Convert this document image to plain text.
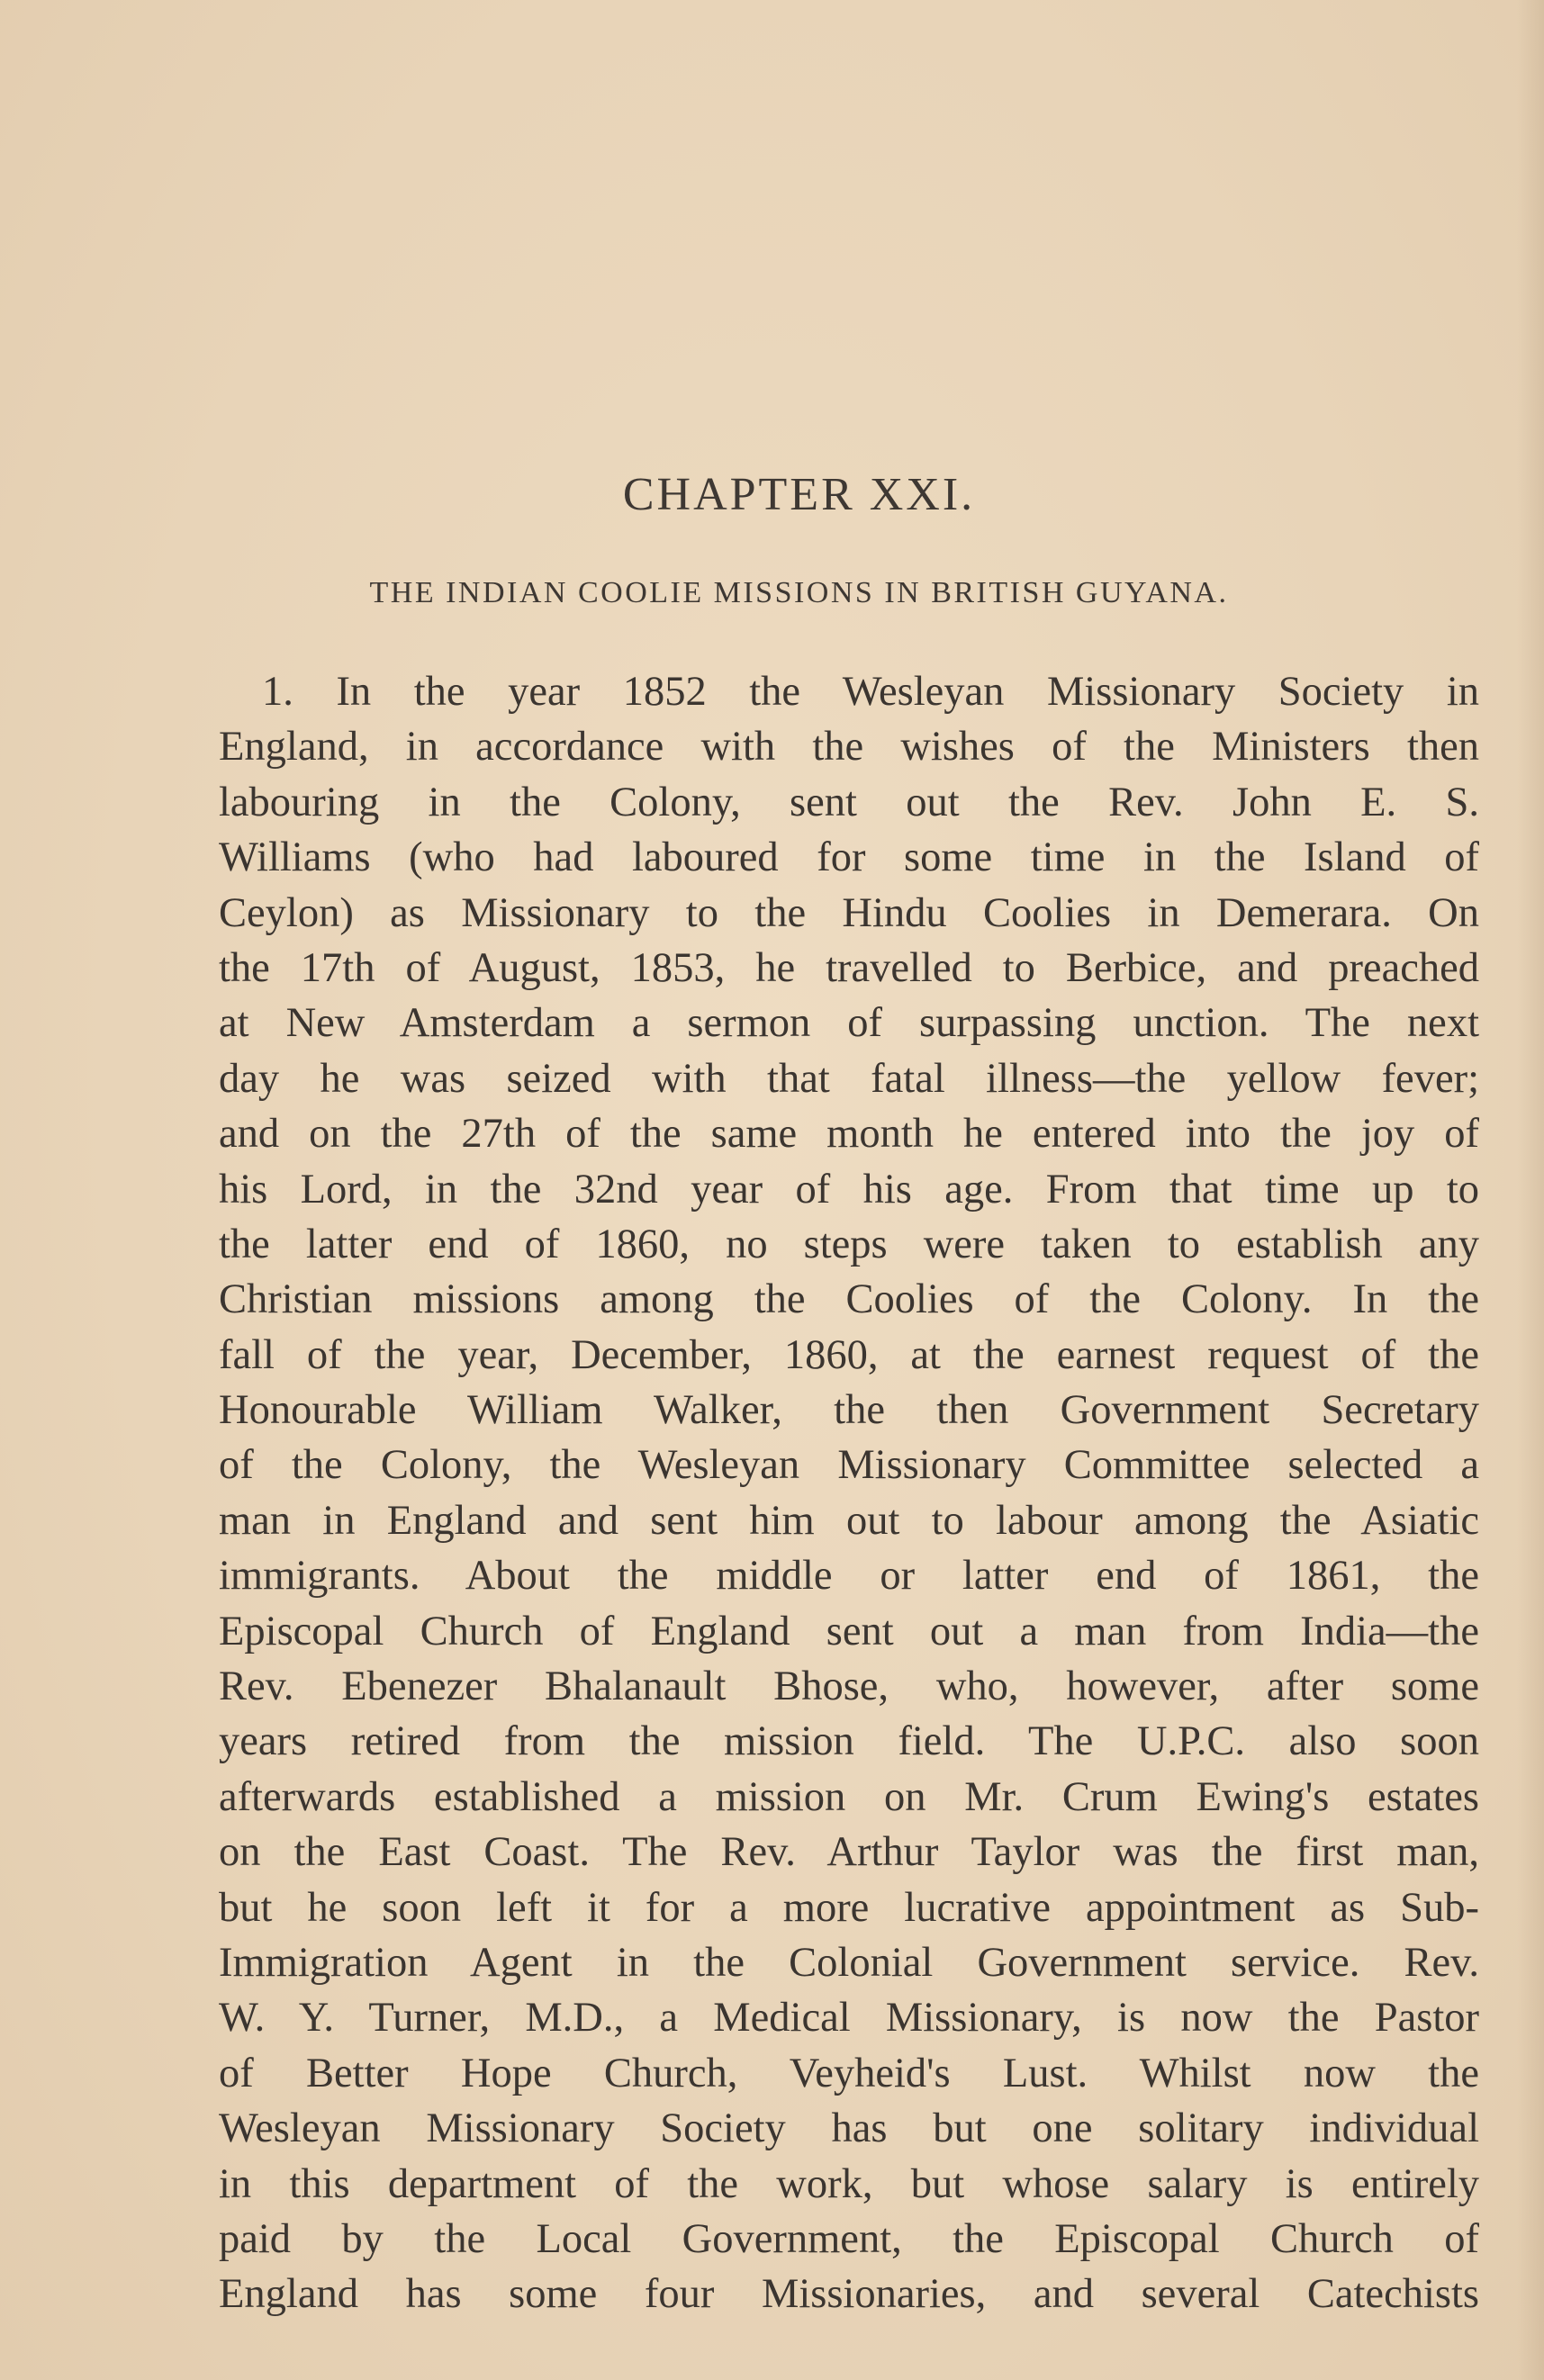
CHAPTER XXI.
THE INDIAN COOLIE MISSIONS IN BRITISH GUYANA.
1. In the year 1852 the Wesleyan Missionary Society in
England, in accordance with the wishes of the Ministers then
labouring in the Colony, sent out the Rev. John E. S.
Williams (who had laboured for some time in the Island of
Ceylon) as Missionary to the Hindu Coolies in Demerara. On
the 17th of August, 1853, he travelled to Berbice, and preached
at New Amsterdam a sermon of surpassing unction. The next
day he was seized with that fatal illness—the yellow fever;
and on the 27th of the same month he entered into the joy of
his Lord, in the 32nd year of his age. From that time up to
the latter end of 1860, no steps were taken to establish any
Christian missions among the Coolies of the Colony. In the
fall of the year, December, 1860, at the earnest request of the
Honourable William Walker, the then Government Secretary
of the Colony, the Wesleyan Missionary Committee selected a
man in England and sent him out to labour among the Asiatic
immigrants. About the middle or latter end of 1861, the
Episcopal Church of England sent out a man from India—the
Rev. Ebenezer Bhalanault Bhose, who, however, after some
years retired from the mission field. The U.P.C. also soon
afterwards established a mission on Mr. Crum Ewing's estates
on the East Coast. The Rev. Arthur Taylor was the first man,
but he soon left it for a more lucrative appointment as Sub-
Immigration Agent in the Colonial Government service. Rev.
W. Y. Turner, M.D., a Medical Missionary, is now the Pastor
of Better Hope Church, Veyheid's Lust. Whilst now the
Wesleyan Missionary Society has but one solitary individual
in this department of the work, but whose salary is entirely
paid by the Local Government, the Episcopal Church of
England has some four Missionaries, and several Catechists
